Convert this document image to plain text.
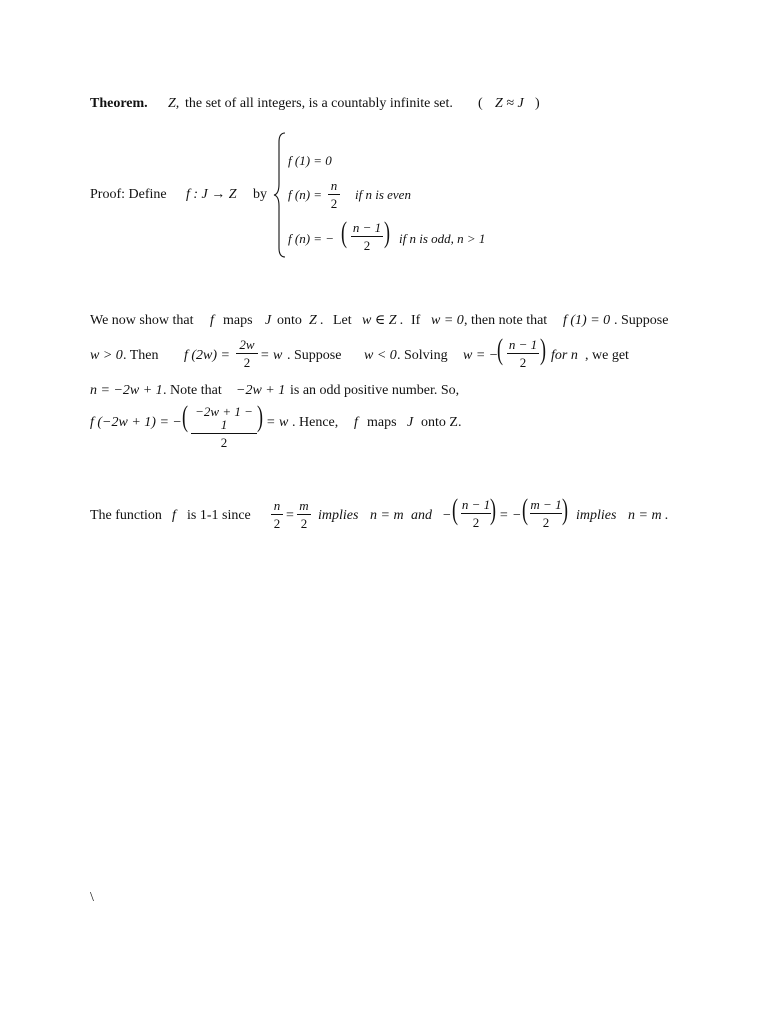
Theorem. Z, the set of all integers, is a countably infinite set. ( Z ≈ J )
Proof: Define f : J → Z by
f (1) = 0
f (n) =
n
2
if n is even
f (n) = − ( n − 1
2 ) if n is odd, n > 1
We now show that f maps J onto Z . Let w ∈ Z . If w = 0 , then note that f (1) = 0 . Suppose
w > 0 . Then f (2w) =
2w
2 = w . Suppose w < 0 . Solving w = −
( n − 1
2 ) for n , we get
n = −2w + 1 . Note that −2w + 1 is an odd positive number. So,
f (−2w + 1) = − ( −2w + 1 − 1
2
) = w . Hence, f maps J onto Z.
The function f is 1-1 since
n
2
=
m
2
implies n = m and − ( n − 1
2 ) = − ( m − 1
2 ) implies n = m .
\
